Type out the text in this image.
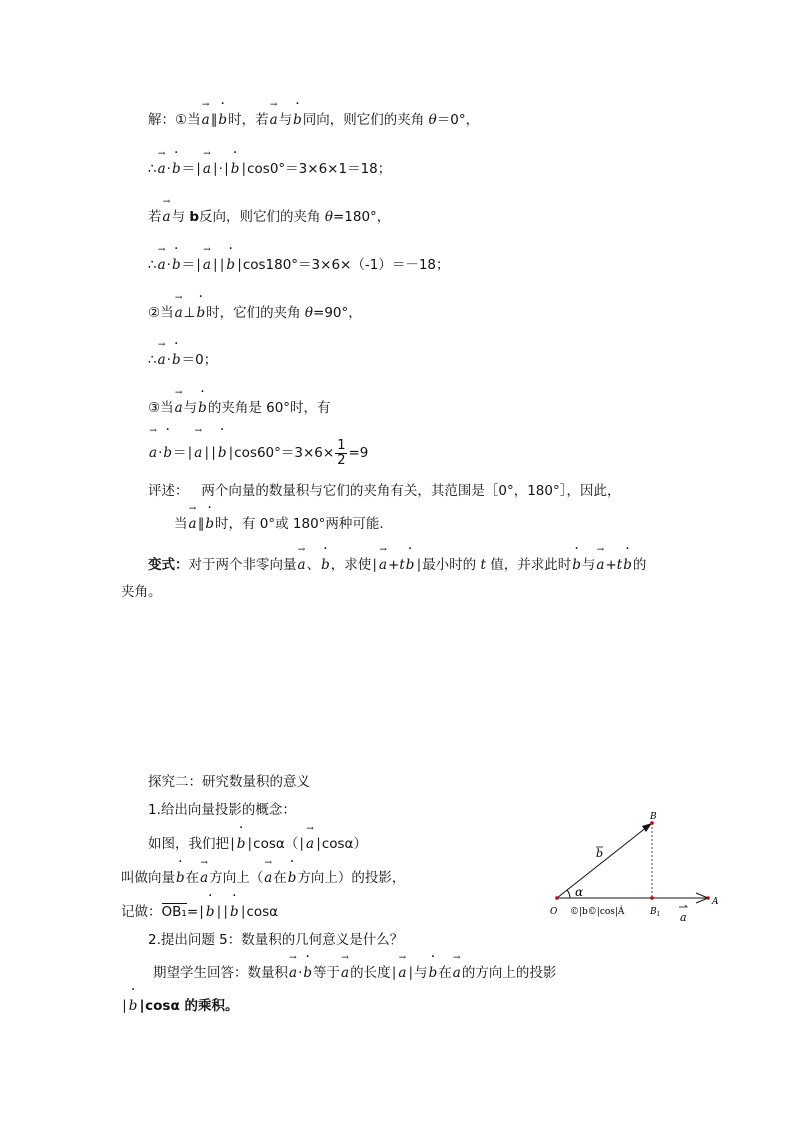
解：①当→ a∥· b时，若→ a与· b同向，则它们的夹角 θ＝0°，
∴→ a·· b＝∣→ a∣·∣· b∣cos0°＝3×6×1＝18；
若→ a与 b反向，则它们的夹角 θ=180°，
∴→ a·· b＝∣→ a∣∣· b∣cos180°＝3×6×（-1）＝－18；
②当→ a⊥· b时，它们的夹角 θ=90°，
∴→ a·· b＝0；
③当→ a与· b的夹角是 60°时，有
→ a·· b＝∣→ a∣∣· b∣cos60°＝3×6× $\frac{1}{2} =9$
评述：   两个向量的数量积与它们的夹角有关，其范围是［0°，180°］，因此，
当→ a∥· b时，有 0°或 180°两种可能.
变式：对于两个非零向量→ a、· b，求使∣→ a+t· b∣最小时的 t 值，并求此时· b与→ a+t· b的
夹角。
探究二：研究数量积的意义
1.给出向量投影的概念：
如图，我们把∣· b∣cosα（∣→ a∣cosα）
叫做向量· b在→ a方向上（→ a在· b方向上）的投影，
记做：OB₁=∣· b∣∣· b∣cosα
2.提出问题 5：数量积的几何意义是什么？
期望学生回答：数量积→ a·· b等于→ a的长度∣→ a∣与· b在→ a的方向上的投影
∣· b∣cosα 的乘积。
B
b
α
O ©|b©|cos|Á	$B_1$ a
A
